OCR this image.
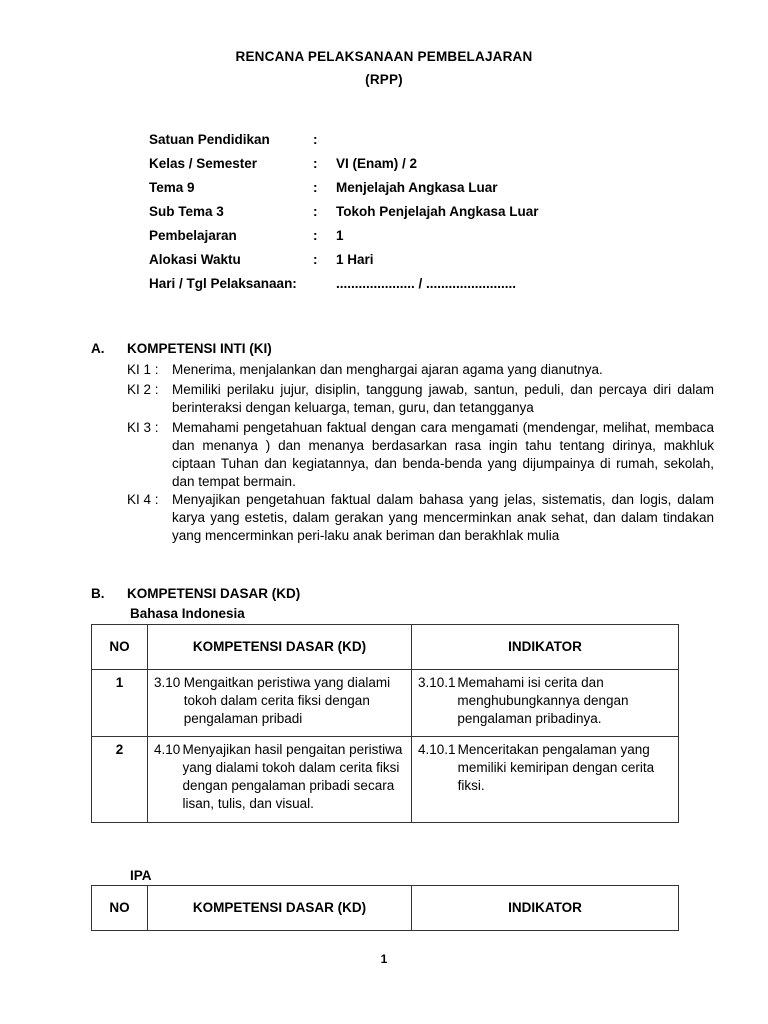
RENCANA PELAKSANAAN PEMBELAJARAN
(RPP)
Satuan Pendidikan	:
Kelas / Semester	: VI (Enam) / 2
Tema 9	: Menjelajah Angkasa Luar
Sub Tema 3	: Tokoh Penjelajah Angkasa Luar
Pembelajaran	: 1
Alokasi Waktu	: 1 Hari
Hari / Tgl Pelaksanaan:	..................... / ........................
A. KOMPETENSI INTI (KI)
KI 1 : Menerima, menjalankan dan menghargai ajaran agama yang dianutnya.
KI 2 : Memiliki perilaku jujur, disiplin, tanggung jawab, santun, peduli, dan percaya diri dalam berinteraksi dengan keluarga, teman, guru, dan tetangganya
KI 3 : Memahami pengetahuan faktual dengan cara mengamati (mendengar, melihat, membaca dan menanya ) dan menanya berdasarkan rasa ingin tahu tentang dirinya, makhluk ciptaan Tuhan dan kegiatannya, dan benda-benda yang dijumpainya di rumah, sekolah, dan tempat bermain.
KI 4 : Menyajikan pengetahuan faktual dalam bahasa yang jelas, sistematis, dan logis, dalam karya yang estetis, dalam gerakan yang mencerminkan anak sehat, dan dalam tindakan yang mencerminkan peri-laku anak beriman dan berakhlak mulia
B. KOMPETENSI DASAR (KD)
Bahasa Indonesia
NO	KOMPETENSI DASAR (KD)	INDIKATOR
1	3.10 Mengaitkan peristiwa yang dialami tokoh dalam cerita fiksi dengan pengalaman pribadi	3.10.1 Memahami isi cerita dan menghubungkannya dengan pengalaman pribadinya.

2	4.10 Menyajikan hasil pengaitan peristiwa yang dialami tokoh dalam cerita fiksi dengan pengalaman pribadi secara lisan, tulis, dan visual.	4.10.1 Menceritakan pengalaman yang memiliki kemiripan dengan cerita fiksi.
IPA
NO	KOMPETENSI DASAR (KD)	INDIKATOR
1
